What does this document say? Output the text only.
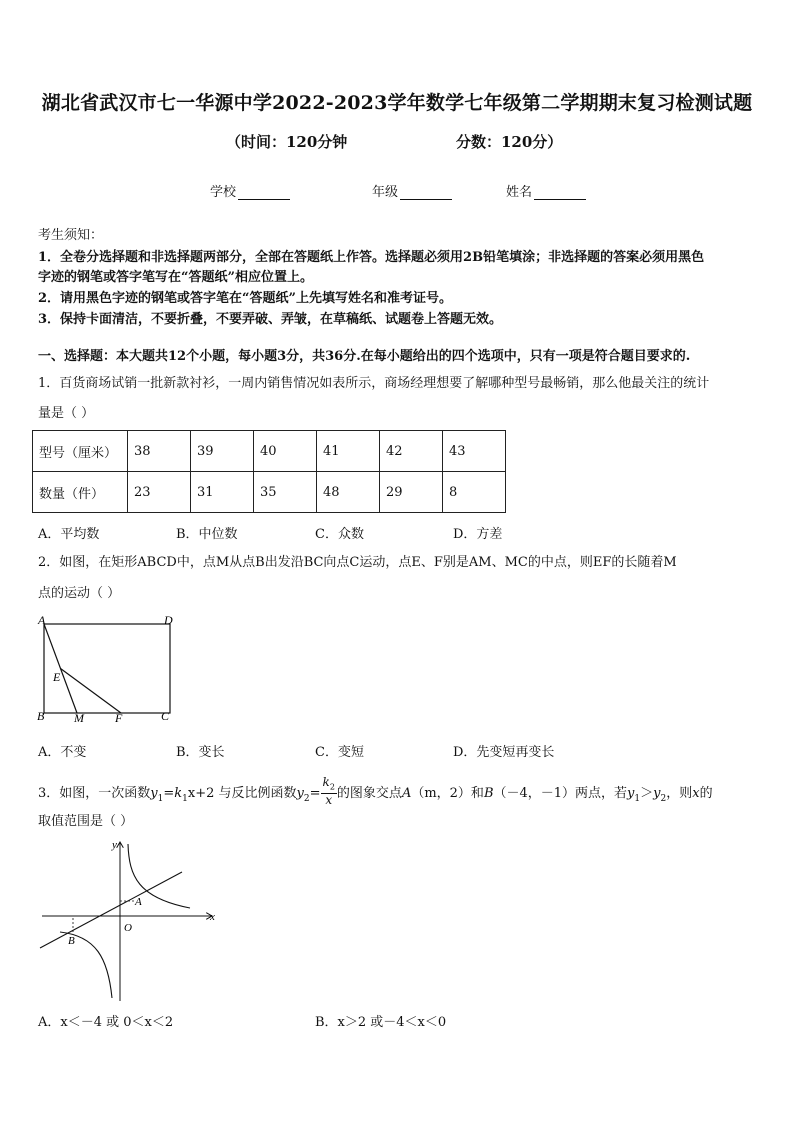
湖北省武汉市七一华源中学2022-2023学年数学七年级第二学期期末复习检测试题
（时间：120分钟	分数：120分）
学校	年级	姓名
考生须知：
1．全卷分选择题和非选择题两部分，全部在答题纸上作答。选择题必须用2B铅笔填涂；非选择题的答案必须用黑色
字迹的钢笔或答字笔写在“答题纸”相应位置上。
2．请用黑色字迹的钢笔或答字笔在“答题纸”上先填写姓名和准考证号。
3．保持卡面清洁，不要折叠，不要弄破、弄皱，在草稿纸、试题卷上答题无效。
一、选择题：本大题共12个小题，每小题3分，共36分.在每小题给出的四个选项中，只有一项是符合题目要求的.
1．百货商场试销一批新款衬衫，一周内销售情况如表所示，商场经理想要了解哪种型号最畅销，那么他最关注的统计
量是（ ）
型号（厘米）	38	39	40	41	42	43
数量（件）	23	31	35	48	29	8
A．平均数	B．中位数	C．众数	D．方差
2．如图，在矩形ABCD中，点M从点B出发沿BC向点C运动，点E、F别是AM、MC的中点，则EF的长随着M
点的运动（ ）
A	D
E
B M	F	C
A．不变	B．变长	C．变短	D．先变短再变长
3．如图，一次函数$y_1=k_1x+2$ 与反比例函数$y_2= \frac{k_2}{x}$ 的图象交点A（m，2）和B（－4，－1）两点，若$y_1>y_2$，则x的
取值范围是（ ）
y
x
A
O
B
A．x＜－4 或 0＜x＜2	B．x＞2 或－4＜x＜0
